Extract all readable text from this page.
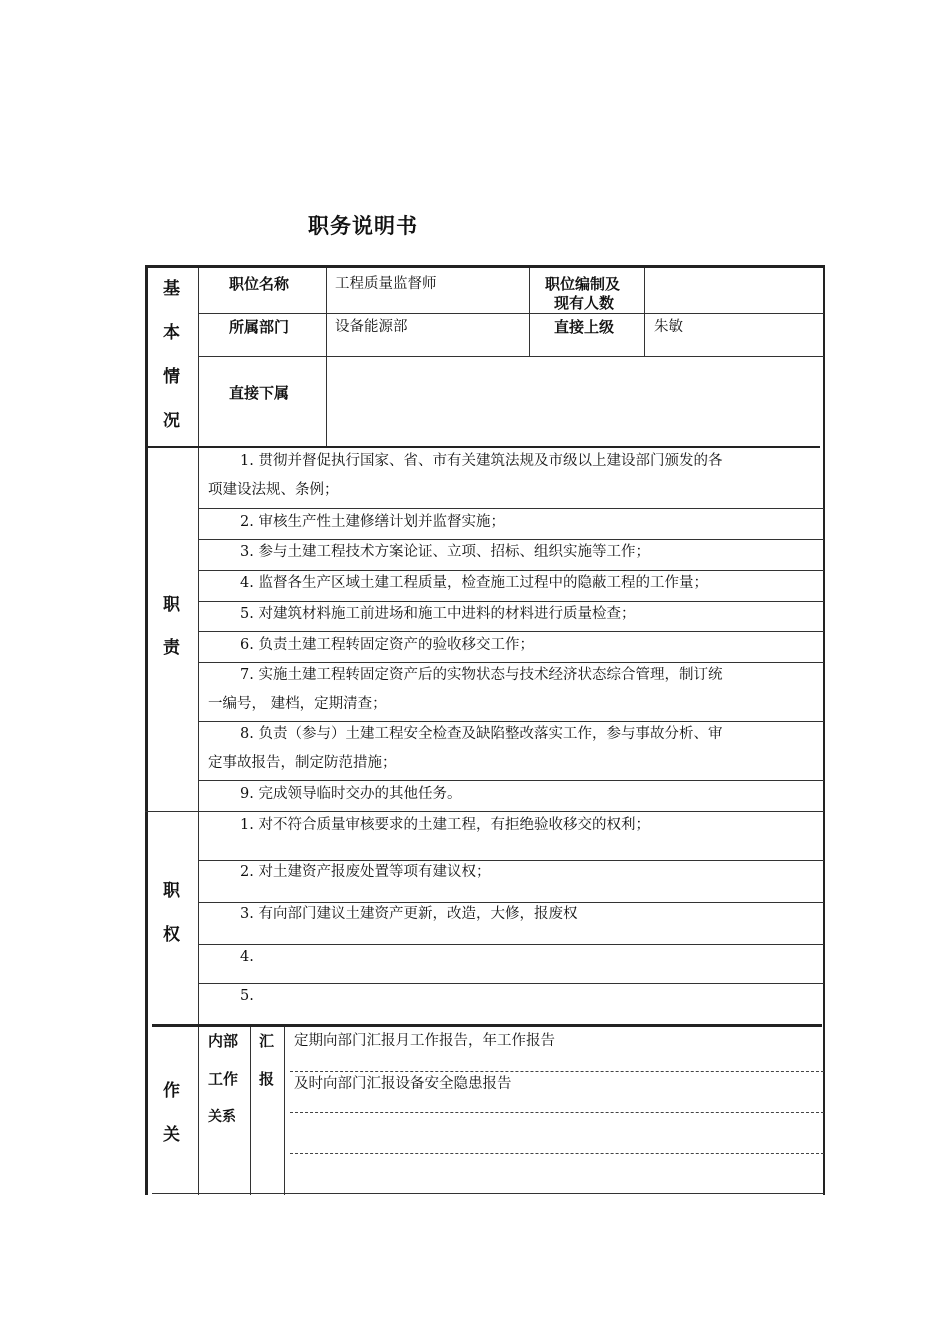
职务说明书
基
本
情
况
职位名称	工程质量监督师	职位编制及
现有人数
所属部门	设备能源部	直接上级	朱敏
直接下属
职
责
1. 贯彻并督促执行国家、省、市有关建筑法规及市级以上建设部门颁发的各
项建设法规、条例；
2. 审核生产性土建修缮计划并监督实施；
3. 参与土建工程技术方案论证、立项、招标、组织实施等工作；
4. 监督各生产区域土建工程质量，检查施工过程中的隐蔽工程的工作量；
5. 对建筑材料施工前进场和施工中进料的材料进行质量检查；
6. 负责土建工程转固定资产的验收移交工作；
7. 实施土建工程转固定资产后的实物状态与技术经济状态综合管理，制订统
一编号， 建档，定期清查；
8. 负责（参与）土建工程安全检查及缺陷整改落实工作，参与事故分析、审
定事故报告，制定防范措施；
9. 完成领导临时交办的其他任务。
职
权
1. 对不符合质量审核要求的土建工程，有拒绝验收移交的权利；
2. 对土建资产报废处置等项有建议权；
3. 有向部门建议土建资产更新，改造，大修，报废权
4.
5.
作
关
内部
工作
关系
汇
报
定期向部门汇报月工作报告，年工作报告
及时向部门汇报设备安全隐患报告
